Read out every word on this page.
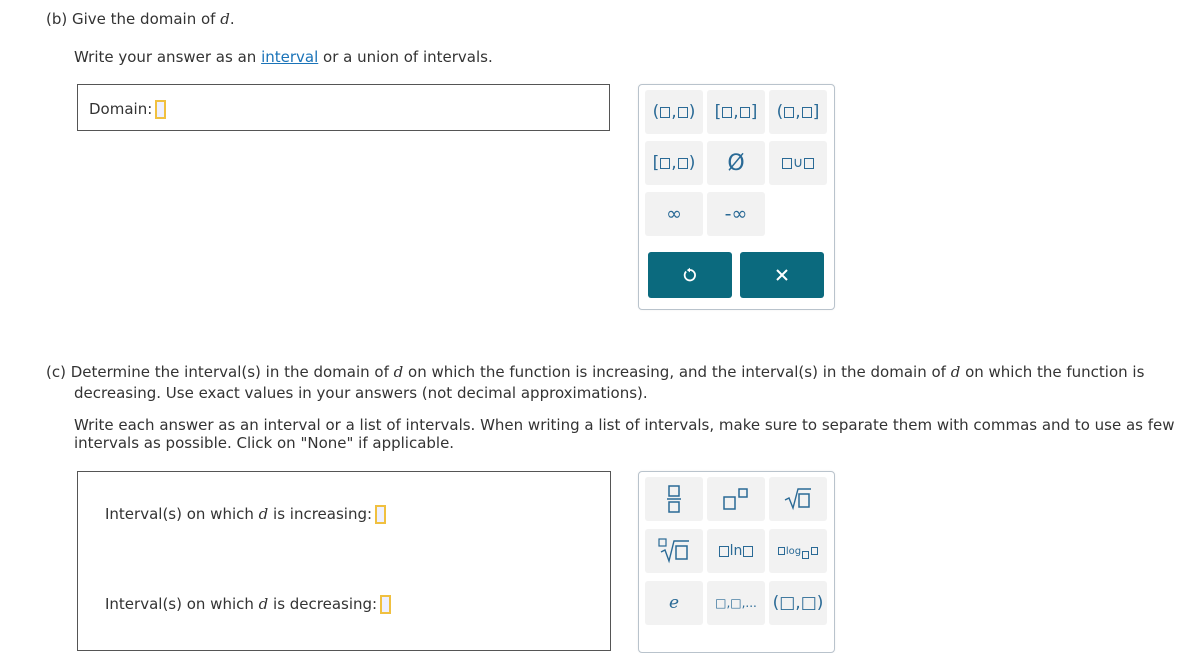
(b) Give the domain of d.
Write your answer as an interval or a union of intervals.
Domain:	( , )	[ , ]	( , ]
[ , )	Ø	∪
∞ -∞
(c) Determine the interval(s) in the domain of d on which the function is increasing, and the interval(s) in the domain of d on which the function is
decreasing. Use exact values in your answers (not decimal approximations).
Write each answer as an interval or a list of intervals. When writing a list of intervals, make sure to separate them with commas and to use as few
intervals as possible. Click on "None" if applicable.
Interval(s) on which d is increasing:
Interval(s) on which d is decreasing:
ln	log
e	□,□,... (□,□)
